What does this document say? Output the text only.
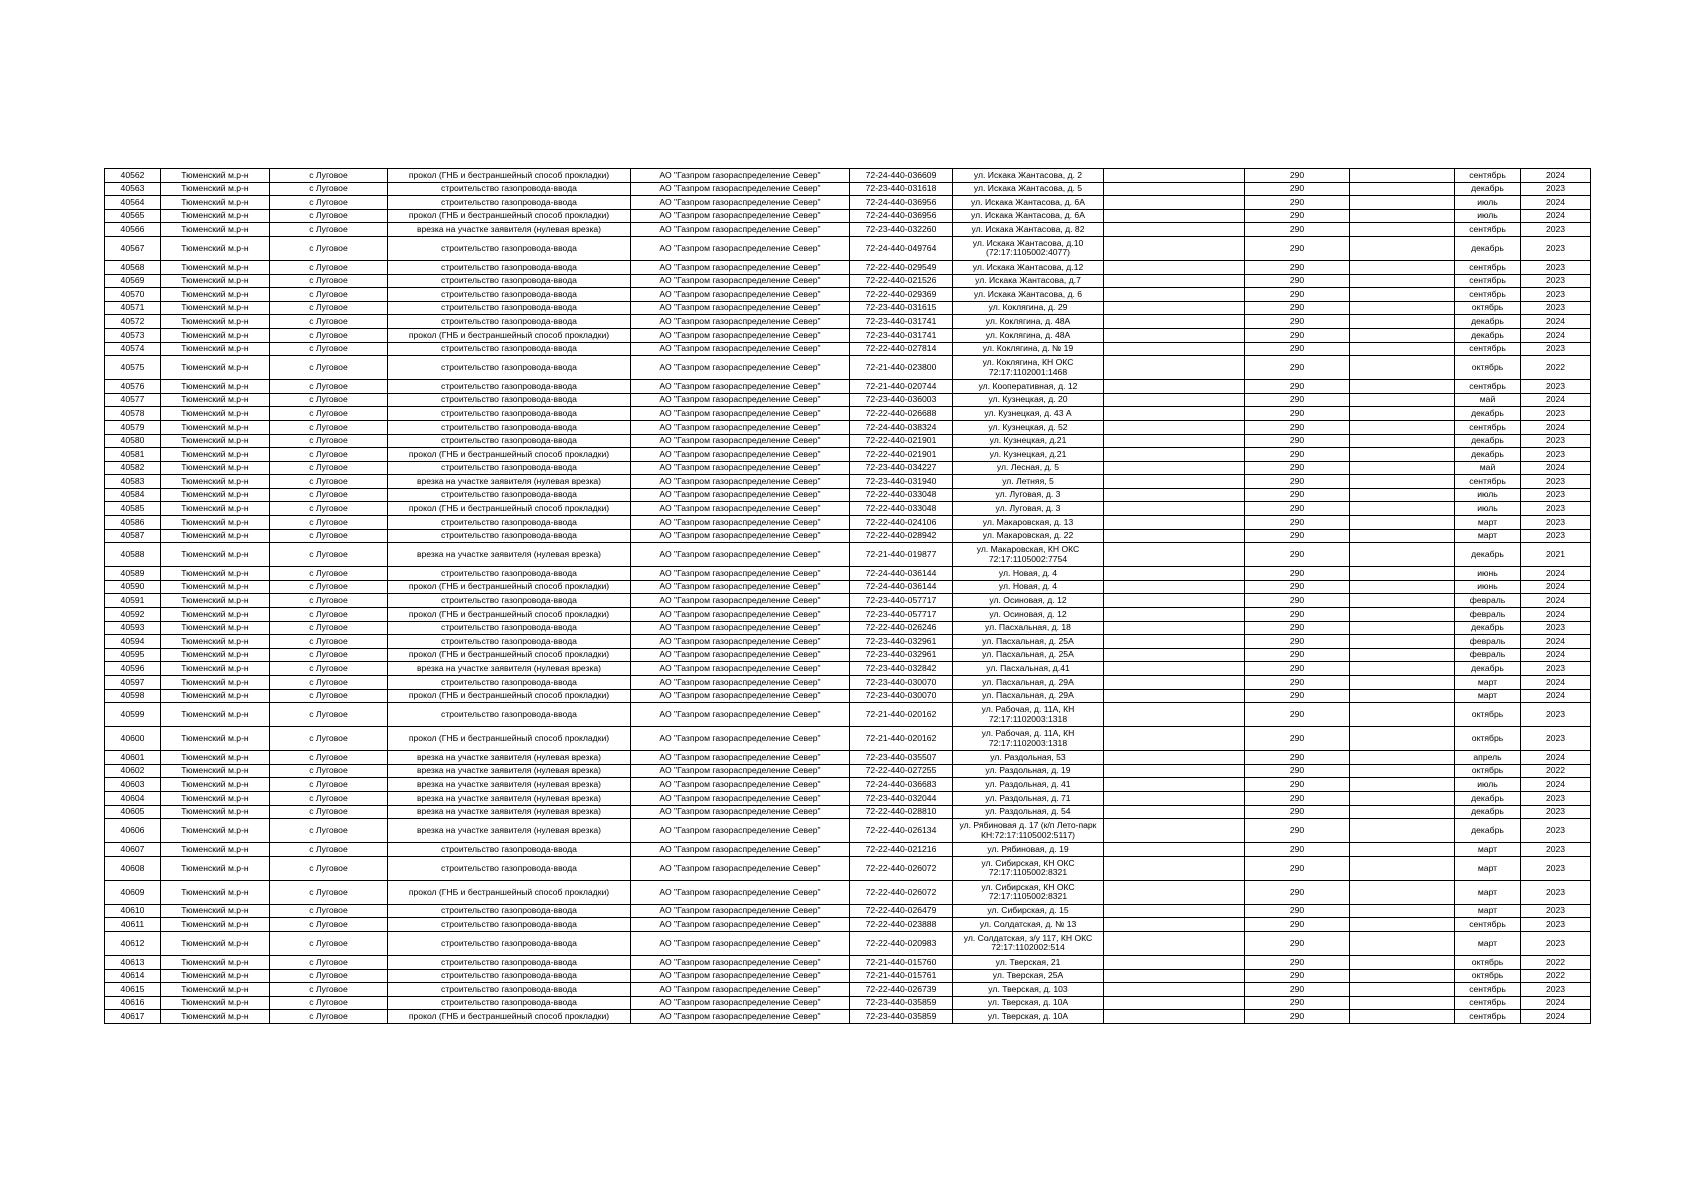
40562	Тюменский м.р-н	с Луговое	прокол (ГНБ и бестраншейный способ прокладки)	АО "Газпром газораспределение Север"	72-24-440-036609	ул. Искака Жантасова, д. 2		290		сентябрь	2024
40563	Тюменский м.р-н	с Луговое	строительство газопровода-ввода	АО "Газпром газораспределение Север"	72-23-440-031618	ул. Искака Жантасова, д. 5		290		декабрь	2023
40564	Тюменский м.р-н	с Луговое	строительство газопровода-ввода	АО "Газпром газораспределение Север"	72-24-440-036956	ул. Искака Жантасова, д. 6А		290		июль	2024
40565	Тюменский м.р-н	с Луговое	прокол (ГНБ и бестраншейный способ прокладки)	АО "Газпром газораспределение Север"	72-24-440-036956	ул. Искака Жантасова, д. 6А		290		июль	2024
40566	Тюменский м.р-н	с Луговое	врезка на участке заявителя (нулевая врезка)	АО "Газпром газораспределение Север"	72-23-440-032260	ул. Искака Жантасова, д. 82		290		сентябрь	2023
40567	Тюменский м.р-н	с Луговое	строительство газопровода-ввода	АО "Газпром газораспределение Север"	72-24-440-049764	ул. Искака Жантасова, д.10 (72:17:1105002:4077)		290		декабрь	2023
40568	Тюменский м.р-н	с Луговое	строительство газопровода-ввода	АО "Газпром газораспределение Север"	72-22-440-029549	ул. Искака Жантасова, д.12		290		сентябрь	2023
40569	Тюменский м.р-н	с Луговое	строительство газопровода-ввода	АО "Газпром газораспределение Север"	72-22-440-021526	ул. Искака Жантасова, д.7		290		сентябрь	2023
40570	Тюменский м.р-н	с Луговое	строительство газопровода-ввода	АО "Газпром газораспределение Север"	72-22-440-029369	ул. Искака Жантасова, д. 6		290		сентябрь	2023
40571	Тюменский м.р-н	с Луговое	строительство газопровода-ввода	АО "Газпром газораспределение Север"	72-23-440-031615	ул. Коклягина, д. 29		290		октябрь	2023
40572	Тюменский м.р-н	с Луговое	строительство газопровода-ввода	АО "Газпром газораспределение Север"	72-23-440-031741	ул. Коклягина, д. 48А		290		декабрь	2024
40573	Тюменский м.р-н	с Луговое	прокол (ГНБ и бестраншейный способ прокладки)	АО "Газпром газораспределение Север"	72-23-440-031741	ул. Коклягина, д. 48А		290		декабрь	2024
40574	Тюменский м.р-н	с Луговое	строительство газопровода-ввода	АО "Газпром газораспределение Север"	72-22-440-027814	ул. Коклягина, д. № 19		290		сентябрь	2023
40575	Тюменский м.р-н	с Луговое	строительство газопровода-ввода	АО "Газпром газораспределение Север"	72-21-440-023800	ул. Коклягина, КН ОКС 72:17:1102001:1468		290		октябрь	2022
40576	Тюменский м.р-н	с Луговое	строительство газопровода-ввода	АО "Газпром газораспределение Север"	72-21-440-020744	ул. Кооперативная, д. 12		290		сентябрь	2023
40577	Тюменский м.р-н	с Луговое	строительство газопровода-ввода	АО "Газпром газораспределение Север"	72-23-440-036003	ул. Кузнецкая, д. 20		290		май	2024
40578	Тюменский м.р-н	с Луговое	строительство газопровода-ввода	АО "Газпром газораспределение Север"	72-22-440-026688	ул. Кузнецкая, д. 43 А		290		декабрь	2023
40579	Тюменский м.р-н	с Луговое	строительство газопровода-ввода	АО "Газпром газораспределение Север"	72-24-440-038324	ул. Кузнецкая, д. 52		290		сентябрь	2024
40580	Тюменский м.р-н	с Луговое	строительство газопровода-ввода	АО "Газпром газораспределение Север"	72-22-440-021901	ул. Кузнецкая, д.21		290		декабрь	2023
40581	Тюменский м.р-н	с Луговое	прокол (ГНБ и бестраншейный способ прокладки)	АО "Газпром газораспределение Север"	72-22-440-021901	ул. Кузнецкая, д.21		290		декабрь	2023
40582	Тюменский м.р-н	с Луговое	строительство газопровода-ввода	АО "Газпром газораспределение Север"	72-23-440-034227	ул. Лесная, д. 5		290		май	2024
40583	Тюменский м.р-н	с Луговое	врезка на участке заявителя (нулевая врезка)	АО "Газпром газораспределение Север"	72-23-440-031940	ул. Летняя, 5		290		сентябрь	2023
40584	Тюменский м.р-н	с Луговое	строительство газопровода-ввода	АО "Газпром газораспределение Север"	72-22-440-033048	ул. Луговая, д. 3		290		июль	2023
40585	Тюменский м.р-н	с Луговое	прокол (ГНБ и бестраншейный способ прокладки)	АО "Газпром газораспределение Север"	72-22-440-033048	ул. Луговая, д. 3		290		июль	2023
40586	Тюменский м.р-н	с Луговое	строительство газопровода-ввода	АО "Газпром газораспределение Север"	72-22-440-024106	ул. Макаровская, д. 13		290		март	2023
40587	Тюменский м.р-н	с Луговое	строительство газопровода-ввода	АО "Газпром газораспределение Север"	72-22-440-028942	ул. Макаровская, д. 22		290		март	2023
40588	Тюменский м.р-н	с Луговое	врезка на участке заявителя (нулевая врезка)	АО "Газпром газораспределение Север"	72-21-440-019877	ул. Макаровская, КН ОКС 72:17:1105002:7754		290		декабрь	2021
40589	Тюменский м.р-н	с Луговое	строительство газопровода-ввода	АО "Газпром газораспределение Север"	72-24-440-036144	ул. Новая, д. 4		290		июнь	2024
40590	Тюменский м.р-н	с Луговое	прокол (ГНБ и бестраншейный способ прокладки)	АО "Газпром газораспределение Север"	72-24-440-036144	ул. Новая, д. 4		290		июнь	2024
40591	Тюменский м.р-н	с Луговое	строительство газопровода-ввода	АО "Газпром газораспределение Север"	72-23-440-057717	ул. Осиновая, д. 12		290		февраль	2024
40592	Тюменский м.р-н	с Луговое	прокол (ГНБ и бестраншейный способ прокладки)	АО "Газпром газораспределение Север"	72-23-440-057717	ул. Осиновая, д. 12		290		февраль	2024
40593	Тюменский м.р-н	с Луговое	строительство газопровода-ввода	АО "Газпром газораспределение Север"	72-22-440-026246	ул. Пасхальная, д. 18		290		декабрь	2023
40594	Тюменский м.р-н	с Луговое	строительство газопровода-ввода	АО "Газпром газораспределение Север"	72-23-440-032961	ул. Пасхальная, д. 25А		290		февраль	2024
40595	Тюменский м.р-н	с Луговое	прокол (ГНБ и бестраншейный способ прокладки)	АО "Газпром газораспределение Север"	72-23-440-032961	ул. Пасхальная, д. 25А		290		февраль	2024
40596	Тюменский м.р-н	с Луговое	врезка на участке заявителя (нулевая врезка)	АО "Газпром газораспределение Север"	72-23-440-032842	ул. Пасхальная, д.41		290		декабрь	2023
40597	Тюменский м.р-н	с Луговое	строительство газопровода-ввода	АО "Газпром газораспределение Север"	72-23-440-030070	ул. Пасхальная, д. 29А		290		март	2024
40598	Тюменский м.р-н	с Луговое	прокол (ГНБ и бестраншейный способ прокладки)	АО "Газпром газораспределение Север"	72-23-440-030070	ул. Пасхальная, д. 29А		290		март	2024
40599	Тюменский м.р-н	с Луговое	строительство газопровода-ввода	АО "Газпром газораспределение Север"	72-21-440-020162	ул. Рабочая, д. 11А, КН 72:17:1102003:1318		290		октябрь	2023
40600	Тюменский м.р-н	с Луговое	прокол (ГНБ и бестраншейный способ прокладки)	АО "Газпром газораспределение Север"	72-21-440-020162	ул. Рабочая, д. 11А, КН 72:17:1102003:1318		290		октябрь	2023
40601	Тюменский м.р-н	с Луговое	врезка на участке заявителя (нулевая врезка)	АО "Газпром газораспределение Север"	72-23-440-035507	ул. Раздольная, 53		290		апрель	2024
40602	Тюменский м.р-н	с Луговое	врезка на участке заявителя (нулевая врезка)	АО "Газпром газораспределение Север"	72-22-440-027255	ул. Раздольная, д. 19		290		октябрь	2022
40603	Тюменский м.р-н	с Луговое	врезка на участке заявителя (нулевая врезка)	АО "Газпром газораспределение Север"	72-24-440-036683	ул. Раздольная, д. 41		290		июль	2024
40604	Тюменский м.р-н	с Луговое	врезка на участке заявителя (нулевая врезка)	АО "Газпром газораспределение Север"	72-23-440-032044	ул. Раздольная, д. 71		290		декабрь	2023
40605	Тюменский м.р-н	с Луговое	врезка на участке заявителя (нулевая врезка)	АО "Газпром газораспределение Север"	72-22-440-028810	ул. Раздольная, д. 54		290		декабрь	2023
40606	Тюменский м.р-н	с Луговое	врезка на участке заявителя (нулевая врезка)	АО "Газпром газораспределение Север"	72-22-440-026134	ул. Рябиновая д. 17 (к/п Лето-парк КН:72:17:1105002:5117)		290		декабрь	2023
40607	Тюменский м.р-н	с Луговое	строительство газопровода-ввода	АО "Газпром газораспределение Север"	72-22-440-021216	ул. Рябиновая, д. 19		290		март	2023
40608	Тюменский м.р-н	с Луговое	строительство газопровода-ввода	АО "Газпром газораспределение Север"	72-22-440-026072	ул. Сибирская, КН ОКС 72:17:1105002:8321		290		март	2023
40609	Тюменский м.р-н	с Луговое	прокол (ГНБ и бестраншейный способ прокладки)	АО "Газпром газораспределение Север"	72-22-440-026072	ул. Сибирская, КН ОКС 72:17:1105002:8321		290		март	2023
40610	Тюменский м.р-н	с Луговое	строительство газопровода-ввода	АО "Газпром газораспределение Север"	72-22-440-026479	ул. Сибирская, д. 15		290		март	2023
40611	Тюменский м.р-н	с Луговое	строительство газопровода-ввода	АО "Газпром газораспределение Север"	72-22-440-023888	ул. Солдатская, д. № 13		290		сентябрь	2023
40612	Тюменский м.р-н	с Луговое	строительство газопровода-ввода	АО "Газпром газораспределение Север"	72-22-440-020983	ул. Солдатская, з/у 117, КН ОКС 72:17:1102002:514		290		март	2023
40613	Тюменский м.р-н	с Луговое	строительство газопровода-ввода	АО "Газпром газораспределение Север"	72-21-440-015760	ул. Тверская, 21		290		октябрь	2022
40614	Тюменский м.р-н	с Луговое	строительство газопровода-ввода	АО "Газпром газораспределение Север"	72-21-440-015761	ул. Тверская, 25А		290		октябрь	2022
40615	Тюменский м.р-н	с Луговое	строительство газопровода-ввода	АО "Газпром газораспределение Север"	72-22-440-026739	ул. Тверская, д. 103		290		сентябрь	2023
40616	Тюменский м.р-н	с Луговое	строительство газопровода-ввода	АО "Газпром газораспределение Север"	72-23-440-035859	ул. Тверская, д. 10А		290		сентябрь	2024
40617	Тюменский м.р-н	с Луговое	прокол (ГНБ и бестраншейный способ прокладки)	АО "Газпром газораспределение Север"	72-23-440-035859	ул. Тверская, д. 10А		290		сентябрь	2024
